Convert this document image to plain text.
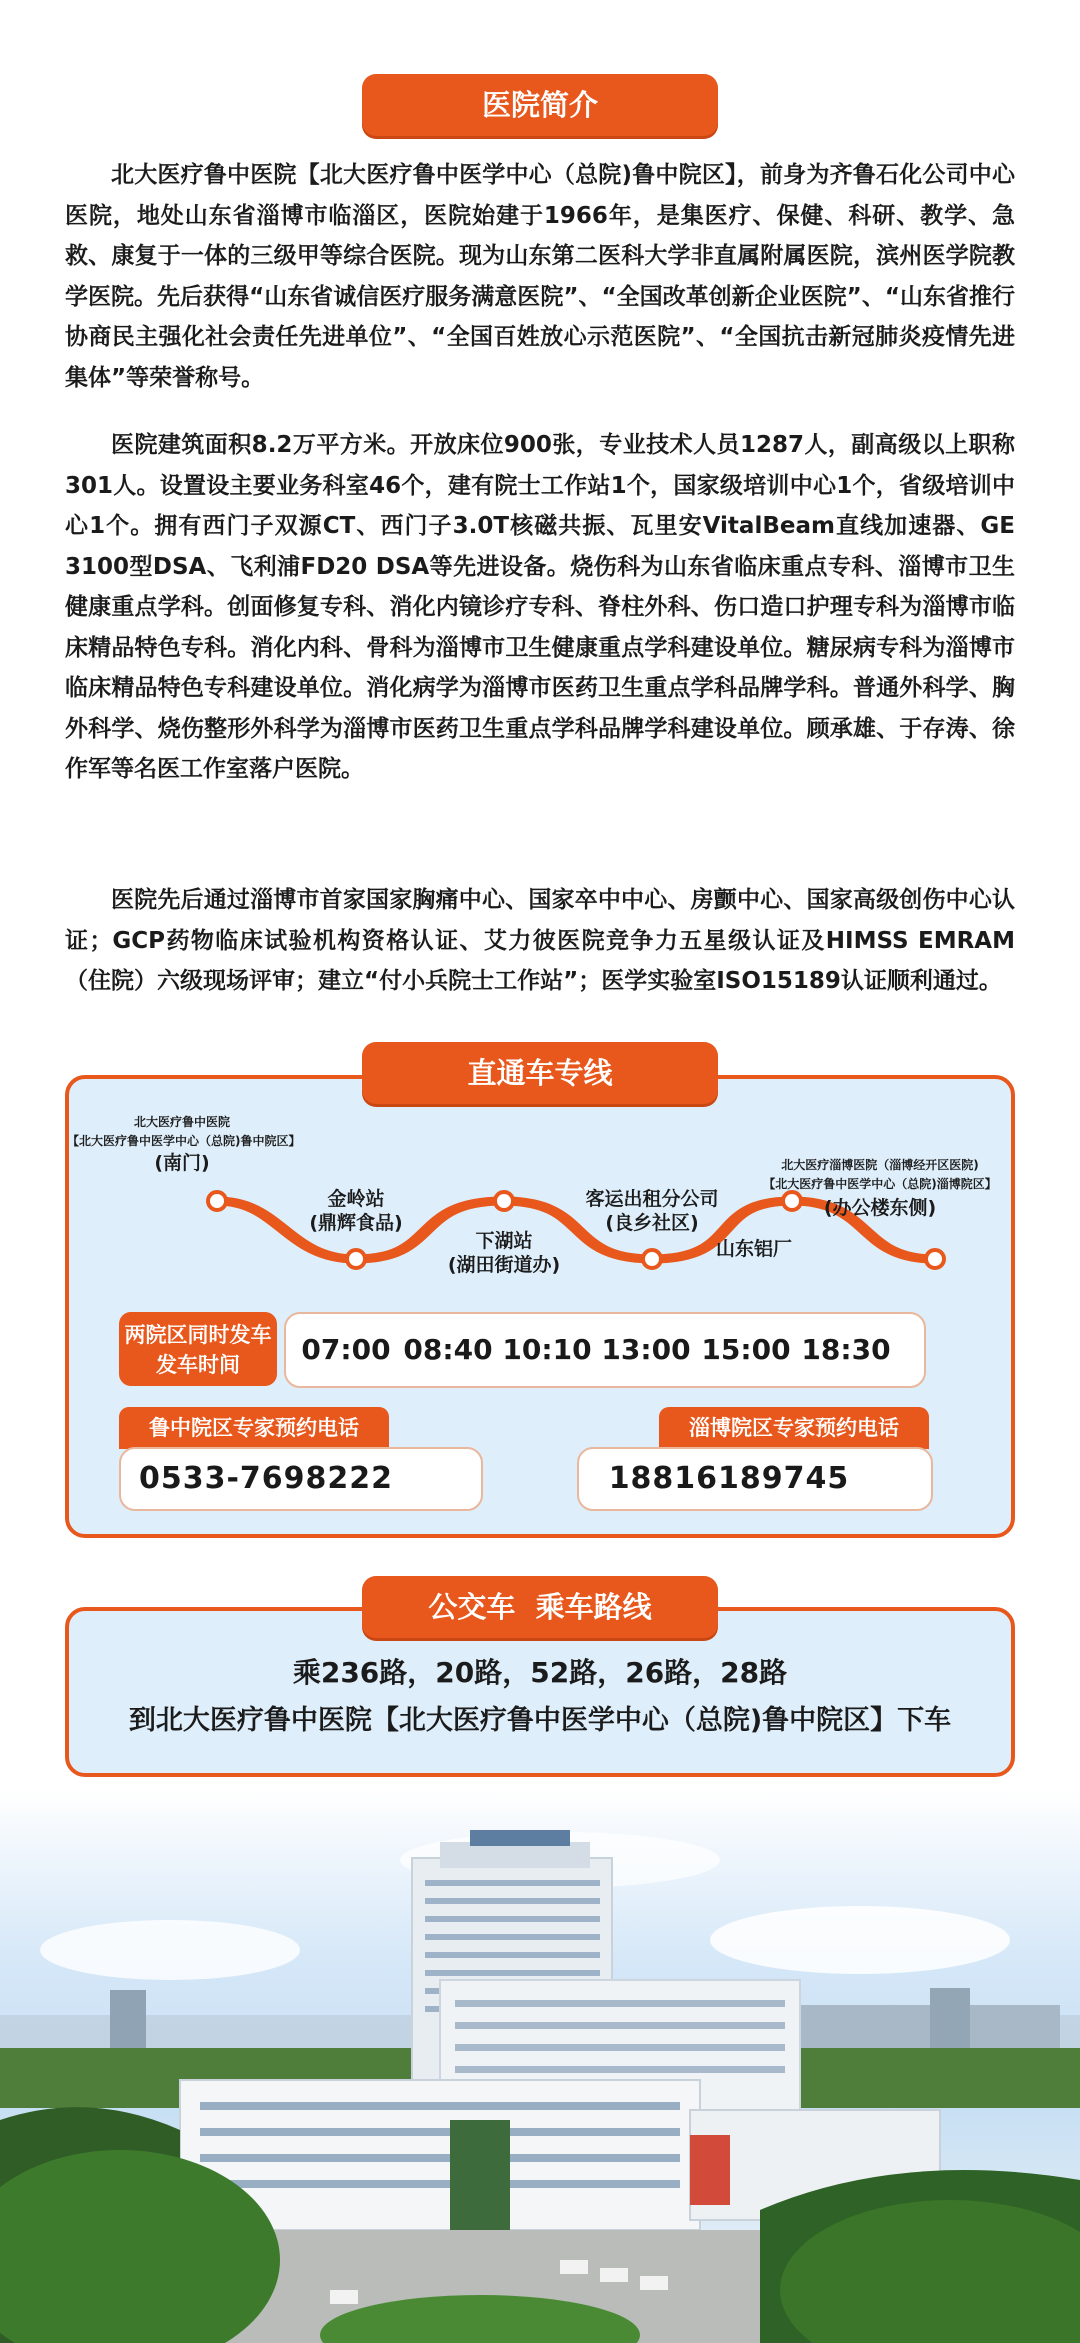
医院简介

北大医疗鲁中医院【北大医疗鲁中医学中心（总院)鲁中院区】，前身为齐鲁石化公司中心医院，地处山东省淄博市临淄区，医院始建于1966年，是集医疗、保健、科研、教学、急救、康复于一体的三级甲等综合医院。现为山东第二医科大学非直属附属医院，滨州医学院教学医院。先后获得“山东省诚信医疗服务满意医院”、“全国改革创新企业医院”、“山东省推行协商民主强化社会责任先进单位”、“全国百姓放心示范医院”、“全国抗击新冠肺炎疫情先进集体”等荣誉称号。

医院建筑面积8.2万平方米。开放床位900张，专业技术人员1287人，副高级以上职称301人。设置设主要业务科室46个，建有院士工作站1个，国家级培训中心1个，省级培训中心1个。拥有西门子双源CT、西门子3.0T核磁共振、瓦里安VitalBeam直线加速器、GE 3100型DSA、飞利浦FD20 DSA等先进设备。烧伤科为山东省临床重点专科、淄博市卫生健康重点学科。创面修复专科、消化内镜诊疗专科、脊柱外科、伤口造口护理专科为淄博市临床精品特色专科。消化内科、骨科为淄博市卫生健康重点学科建设单位。糖尿病专科为淄博市临床精品特色专科建设单位。消化病学为淄博市医药卫生重点学科品牌学科。普通外科学、胸外科学、烧伤整形外科学为淄博市医药卫生重点学科品牌学科建设单位。顾承雄、于存涛、徐作军等名医工作室落户医院。

医院先后通过淄博市首家国家胸痛中心、国家卒中中心、房颤中心、国家高级创伤中心认证；GCP药物临床试验机构资格认证、艾力彼医院竞争力五星级认证及HIMSS EMRAM（住院）六级现场评审；建立“付小兵院士工作站”；医学实验室ISO15189认证顺利通过。

北大医疗鲁中医院
【北大医疗鲁中医学中心（总院)鲁中院区】
(南门)
金岭站
(鼎辉食品)
下湖站
(湖田街道办)
客运出租分公司
(良乡社区)
山东铝厂
北大医疗淄博医院（淄博经开区医院)
【北大医疗鲁中医学中心（总院)淄博院区】
(办公楼东侧)
两院区同时发车
发车时间	07:00 08:40 10:10 13:00 15:00 18:30
鲁中院区专家预约电话
0533-7698222
淄博院区专家预约电话
18816189745
直通车专线
乘236路，20路，52路，26路，28路
到北大医疗鲁中医院【北大医疗鲁中医学中心（总院)鲁中院区】下车
公交车  乘车路线
